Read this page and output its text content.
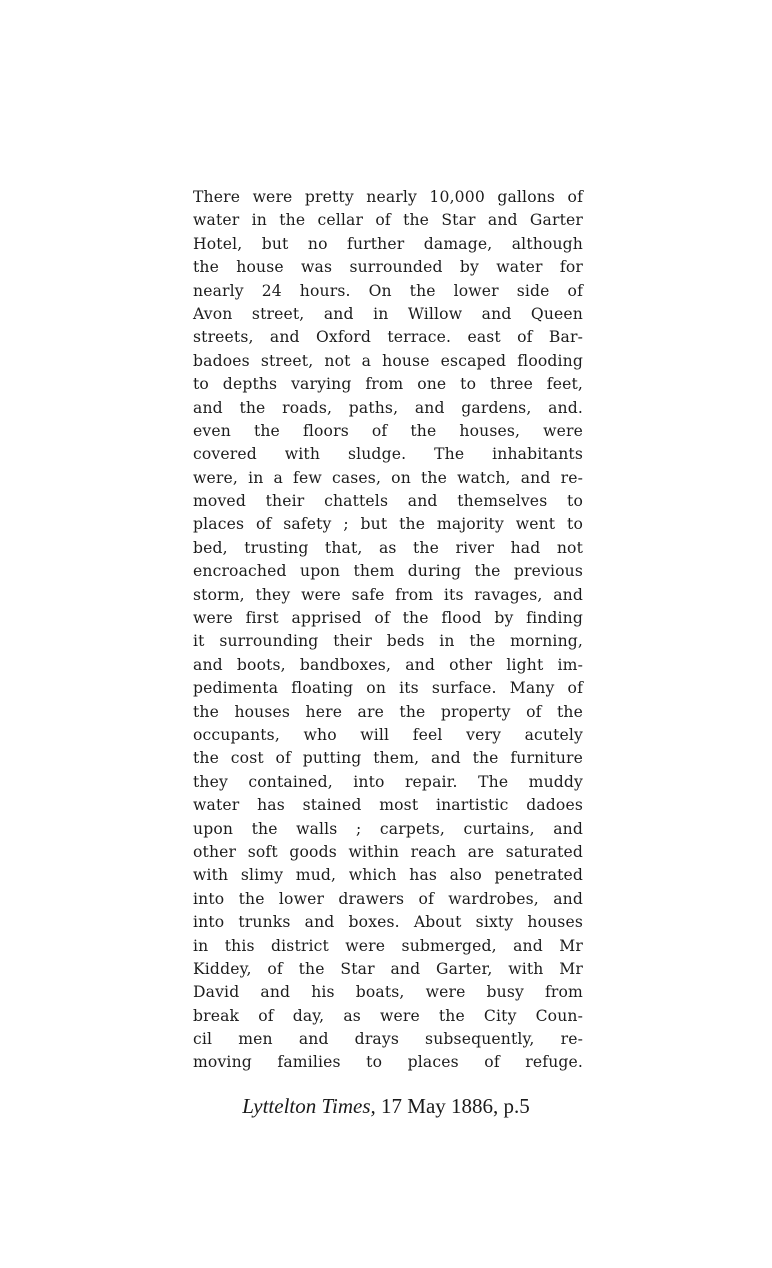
There were pretty nearly 10,000 gallons of
water in the cellar of the Star and Garter
Hotel, but no further damage, although
the house was surrounded by water for
nearly 24 hours. On the lower side of
Avon street, and in Willow and Queen
streets, and Oxford terrace. east of Bar-
badoes street, not a house escaped flooding
to depths varying from one to three feet,
and the roads, paths, and gardens, and.
even the floors of the houses, were
covered with sludge. The inhabitants
were, in a few cases, on the watch, and re-
moved their chattels and themselves to
places of safety ; but the majority went to
bed, trusting that, as the river had not
encroached upon them during the previous
storm, they were safe from its ravages, and
were first apprised of the flood by finding
it surrounding their beds in the morning,
and boots, bandboxes, and other light im-
pedimenta floating on its surface. Many of
the houses here are the property of the
occupants, who will feel very acutely
the cost of putting them, and the furniture
they contained, into repair. The muddy
water has stained most inartistic dadoes
upon the walls ; carpets, curtains, and
other soft goods within reach are saturated
with slimy mud, which has also penetrated
into the lower drawers of wardrobes, and
into trunks and boxes. About sixty houses
in this district were submerged, and Mr
Kiddey, of the Star and Garter, with Mr
David and his boats, were busy from
break of day, as were the City Coun-
cil men and drays subsequently, re-
moving families to places of refuge.
Lyttelton Times, 17 May 1886, p.5
